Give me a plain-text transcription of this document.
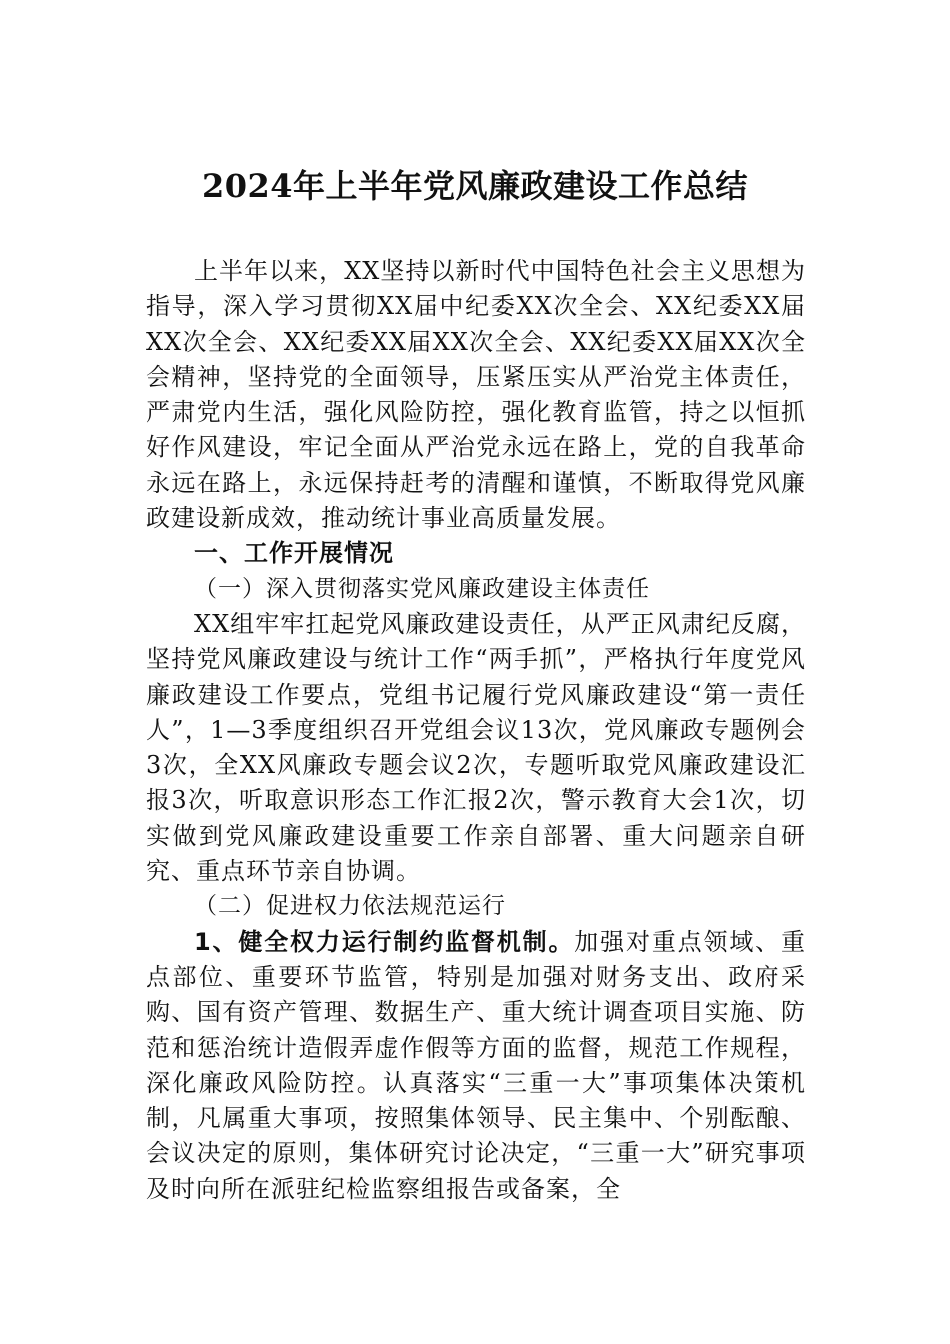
2024年上半年党风廉政建设工作总结

上半年以来，XX坚持以新时代中国特色社会主义思想为指导，深入学习贯彻XX届中纪委XX次全会、XX纪委XX届XX次全会、XX纪委XX届XX次全会、XX纪委XX届XX次全会精神，坚持党的全面领导，压紧压实从严治党主体责任，严肃党内生活，强化风险防控，强化教育监管，持之以恒抓好作风建设，牢记全面从严治党永远在路上，党的自我革命永远在路上，永远保持赶考的清醒和谨慎，不断取得党风廉政建设新成效，推动统计事业高质量发展。

一、工作开展情况

（一）深入贯彻落实党风廉政建设主体责任

XX组牢牢扛起党风廉政建设责任，从严正风肃纪反腐，坚持党风廉政建设与统计工作“两手抓”，严格执行年度党风廉政建设工作要点，党组书记履行党风廉政建设“第一责任人”，1—3季度组织召开党组会议13次，党风廉政专题例会3次，全XX风廉政专题会议2次，专题听取党风廉政建设汇报3次，听取意识形态工作汇报2次，警示教育大会1次，切实做到党风廉政建设重要工作亲自部署、重大问题亲自研究、重点环节亲自协调。

（二）促进权力依法规范运行

1、健全权力运行制约监督机制。加强对重点领域、重点部位、重要环节监管，特别是加强对财务支出、政府采购、国有资产管理、数据生产、重大统计调查项目实施、防范和惩治统计造假弄虚作假等方面的监督，规范工作规程，深化廉政风险防控。认真落实“三重一大”事项集体决策机制，凡属重大事项，按照集体领导、民主集中、个别酝酿、会议决定的原则，集体研究讨论决定，“三重一大”研究事项及时向所在派驻纪检监察组报告或备案，全
